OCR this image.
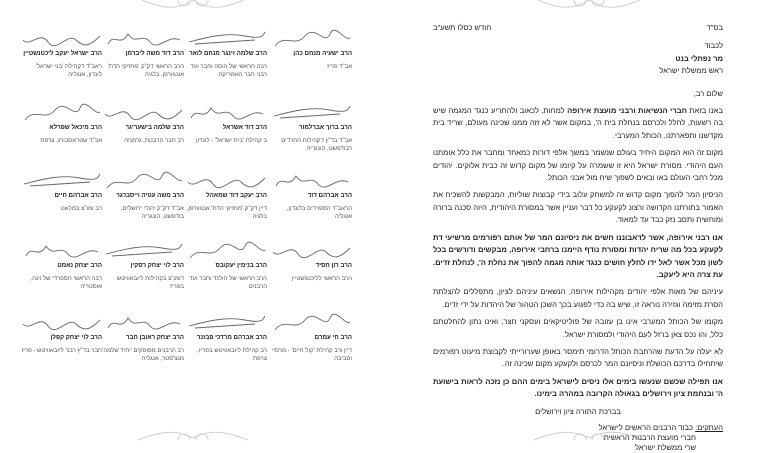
הרב ישעיה מנחם כהן
אב"ד פריז
הרב שלמה זינגר מנחם לואר
רבה הראשי של הוסה וחבר ועד רבני חבר האמריקה
הרב דוד משה ליברמן
הרב הראשי דק"ק 'מחזיקי הדת' אנטוורפן, בלגיה
הרב ישראל יעקב ליכטנשטיין
ראב"ד דקהילת 'בני ישראל' לונדון, אנגליה
הרב ברוך אברלמור
אב"ד בד"ץ דקהילות החרדים רבודפשט, הונגריה
הרב דוד אשראל
ב קהילת 'בית ישראל' - לונדון
הרב שלמה בישעריגר
רב חבר הרבנות, גרמניה
הרב מיכאל שפרלא
אב"ד שטראסבורג, צרפת
הרב אברהם דוד
הראב"ד הספרדים בלונדון, אנגליה
הרב יעקב דוד שמאהל
דיין דק"ק 'מחזיקי הדת' אנטוורפן, בלגיה
הרב משה עטיה וייסברגר
אב"ד דק"ק יהודי ירושלים, בודפשט, הונגריה
הרב אברהם חיים
רב ומו"צ במלאנו
הרב רון חסיד
הרב הראשי לליכטנשטיין
הרב בנימין יעקובס
הרב הראשי של הולנד וחבר ועד הרבנים
הרב לוי יצחק רסקין
דומו"צ בקהילות ליובאוויטש בפריז
הרב יצחק נאמט
רבה הראשי הספרדי של וינה, אוסטריה
הרב חי עמרם
דיין ורב קהילת 'קול חיים' - מרסיי וסביבה
הרב אברהם מרדכי פבזנר
רב קהילת ליובאוויטש בפריז, צרפת
הרב יצחק ראובן חבר
רב הרבנים מפוסקים 'יחיד שלמה' מנצ'סטר, אנגליה
הרב לוי יצחק קפלן
חבר בד"ץ רבני ליובאוויטש - פריז
בס"ד
חודש כסלו תשע"ב
לכבוד
מר נפתלי בנט
ראש ממשלת ישראל

שלום רב,

באנו בזאת חברי הנשיאות ורבני מועצת אירופה למחות, לכאוב ולהתריע כנגד המגמה שיש בה רשעות, לחלל ולכרסם בנחלת בית ה', במקום אשר לא זזה ממנו שכינה מעולם, שריד בית מקדשנו ותפארתנו, הכותל המערבי.

מקום זה הוא המקום היחיד בעולם שנשמר במשך אלפי דורות כמאחד ומחבר את כלל אומתנו העם היהודי. מסורת ישראל היא זו ששמרה על קיומו של מקום קדוש זה כבית אלוקים. יהודים מכל רחבי העולם באו ובאים לשפוך שיח מול אבני הכותל.

הניסיון המר להפוך מקום קדוש זה למשחק עלוב בידי קבוצות שוליות, המבקשות להשכיח את האמור בתורתנו הקדושה ורצונ לקעקע כל דבר ועניין אשר במסורת היהודית, היוה סכנה ברורה ומוחשית ותסב נזק כבד עד למאוד.

אנו רבני אירופה, אשר לדאבוננו חשים את ניסיונם המר של אותם רפורמים מרשיעי דת לקעקע בכל מה שריח יהדות ומסורת נודף היימנו ברחבי אירופה, מבקשים ודורשים בכל לשון מכל אשר לאל ידו לחלץ חושים כנגד אותה מגמה להפוך את נחלת ה', לנחלת זדים. עת צרה היא ליעקב.

עיניהם של מאות אלפי יהודים מקהילות אירופה, הנשאים עיניהם לציון, מתפללים להצלתת הסרת מזימה וגזירה נוראה זו, שיש בה כדי לפגוע בכך השכן הטהור של היהדות על ידי זדים.

מקומו של הכותל המערבי אינו בן עזובה של פוליטיקאים ועסקני חצר, ואינו נתון להחלטתם כלל, והו נכס צאן ברזל לעם היהודי ולמסורת ישראל.

לא יעלה על הדעת שהרחבת הכותל הדרומי תימסר באופן שערורייתי לקבוצת מיעוט רפורמים שיתחילו בדרכם הכושלת וניסיונם המר לכרסם ולקעקע מקום שכינה זה.

אנו תפילה שכשם שנעשו בימים אלו ניסים לישראל בימים ההם כן נזכה לראות בישועת ה' ובנחמת ציון וירושלים בגאולה הקרובה במהרה בימינו.

בברכת התורה ציון וירושלים

העתקים: כבוד הרבנים הראשים לישראל
חברי מועצת הרבנות הראשית
שרי ממשלת ישראל
